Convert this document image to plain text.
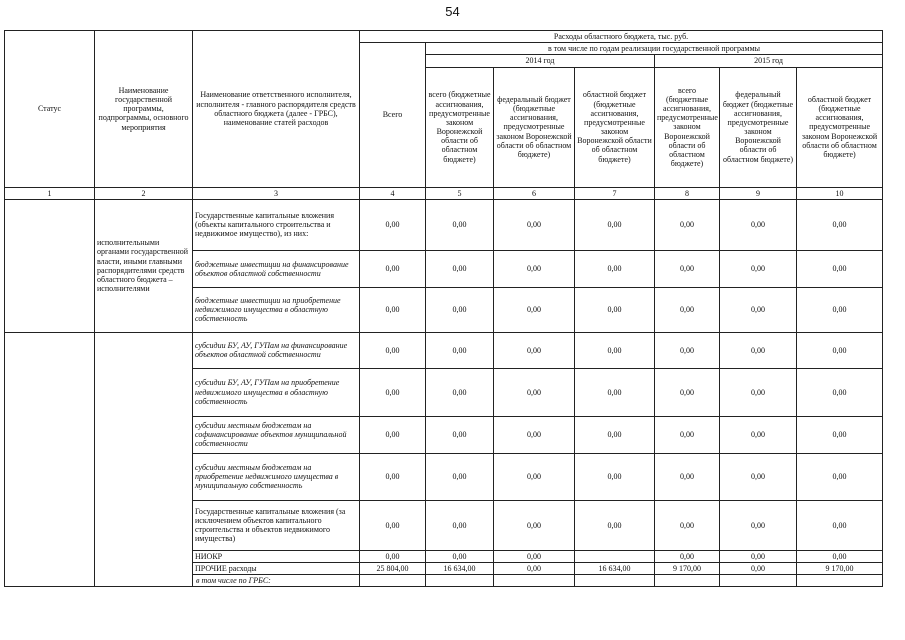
54
Статус	Наименование государственной программы, подпрограммы, основного мероприятия	Наименование ответственного исполнителя, исполнителя - главного распорядителя средств областного бюджета (далее - ГРБС), наименование статей расходов	Расходы областного бюджета, тыс. руб.						
			Всего	в том числе по годам реализации государственной программы					
				2014 год			2015 год		
				всего (бюджетные ассигнования, предусмотренные законом Воронежской области об областном бюджете)	федеральный бюджет (бюджетные ассигнования, предусмотренные законом Воронежской области об областном бюджете)	областной бюджет (бюджетные ассигнования, предусмотренные законом Воронежской области об областном бюджете)	всего (бюджетные ассигнования, предусмотренные законом Воронежской области об областном бюджете)	федеральный бюджет (бюджетные ассигнования, предусмотренные законом Воронежской области об областном бюджете)	областной бюджет (бюджетные ассигнования, предусмотренные законом Воронежской области об областном бюджете)
1	2	3	4	5	6	7	8	9	10
	исполнительными органами государственной власти, иными главными распорядителями средств областного бюджета – исполнителями	Государственные капитальные вложения (объекты капитального строительства и недвижимое имущество), из них:	0,00	0,00	0,00	0,00	0,00	0,00	0,00
		бюджетные инвестиции на финансирование объектов областной собственности	0,00	0,00	0,00	0,00	0,00	0,00	0,00
		бюджетные инвестиции на приобретение недвижимого имущества в областную собственность	0,00	0,00	0,00	0,00	0,00	0,00	0,00
		субсидии БУ, АУ, ГУПам на финансирование объектов областной собственности	0,00	0,00	0,00	0,00	0,00	0,00	0,00
		субсидии БУ, АУ, ГУПам на приобретение недвижимого имущества в областную собственность	0,00	0,00	0,00	0,00	0,00	0,00	0,00
		субсидии местным бюджетам на софинансирование объектов муниципальной собственности	0,00	0,00	0,00	0,00	0,00	0,00	0,00
		субсидии местным бюджетам на приобретение недвижимого имущества в муниципальную собственность	0,00	0,00	0,00	0,00	0,00	0,00	0,00
		Государственные капитальные вложения (за исключением объектов капитального строительства и объектов недвижимого имущества)	0,00	0,00	0,00	0,00	0,00	0,00	0,00
		НИОКР	0,00	0,00	0,00		0,00	0,00	0,00
		ПРОЧИЕ расходы	25 804,00	16 634,00	0,00	16 634,00	9 170,00	0,00	9 170,00
		в том числе по ГРБС:							
